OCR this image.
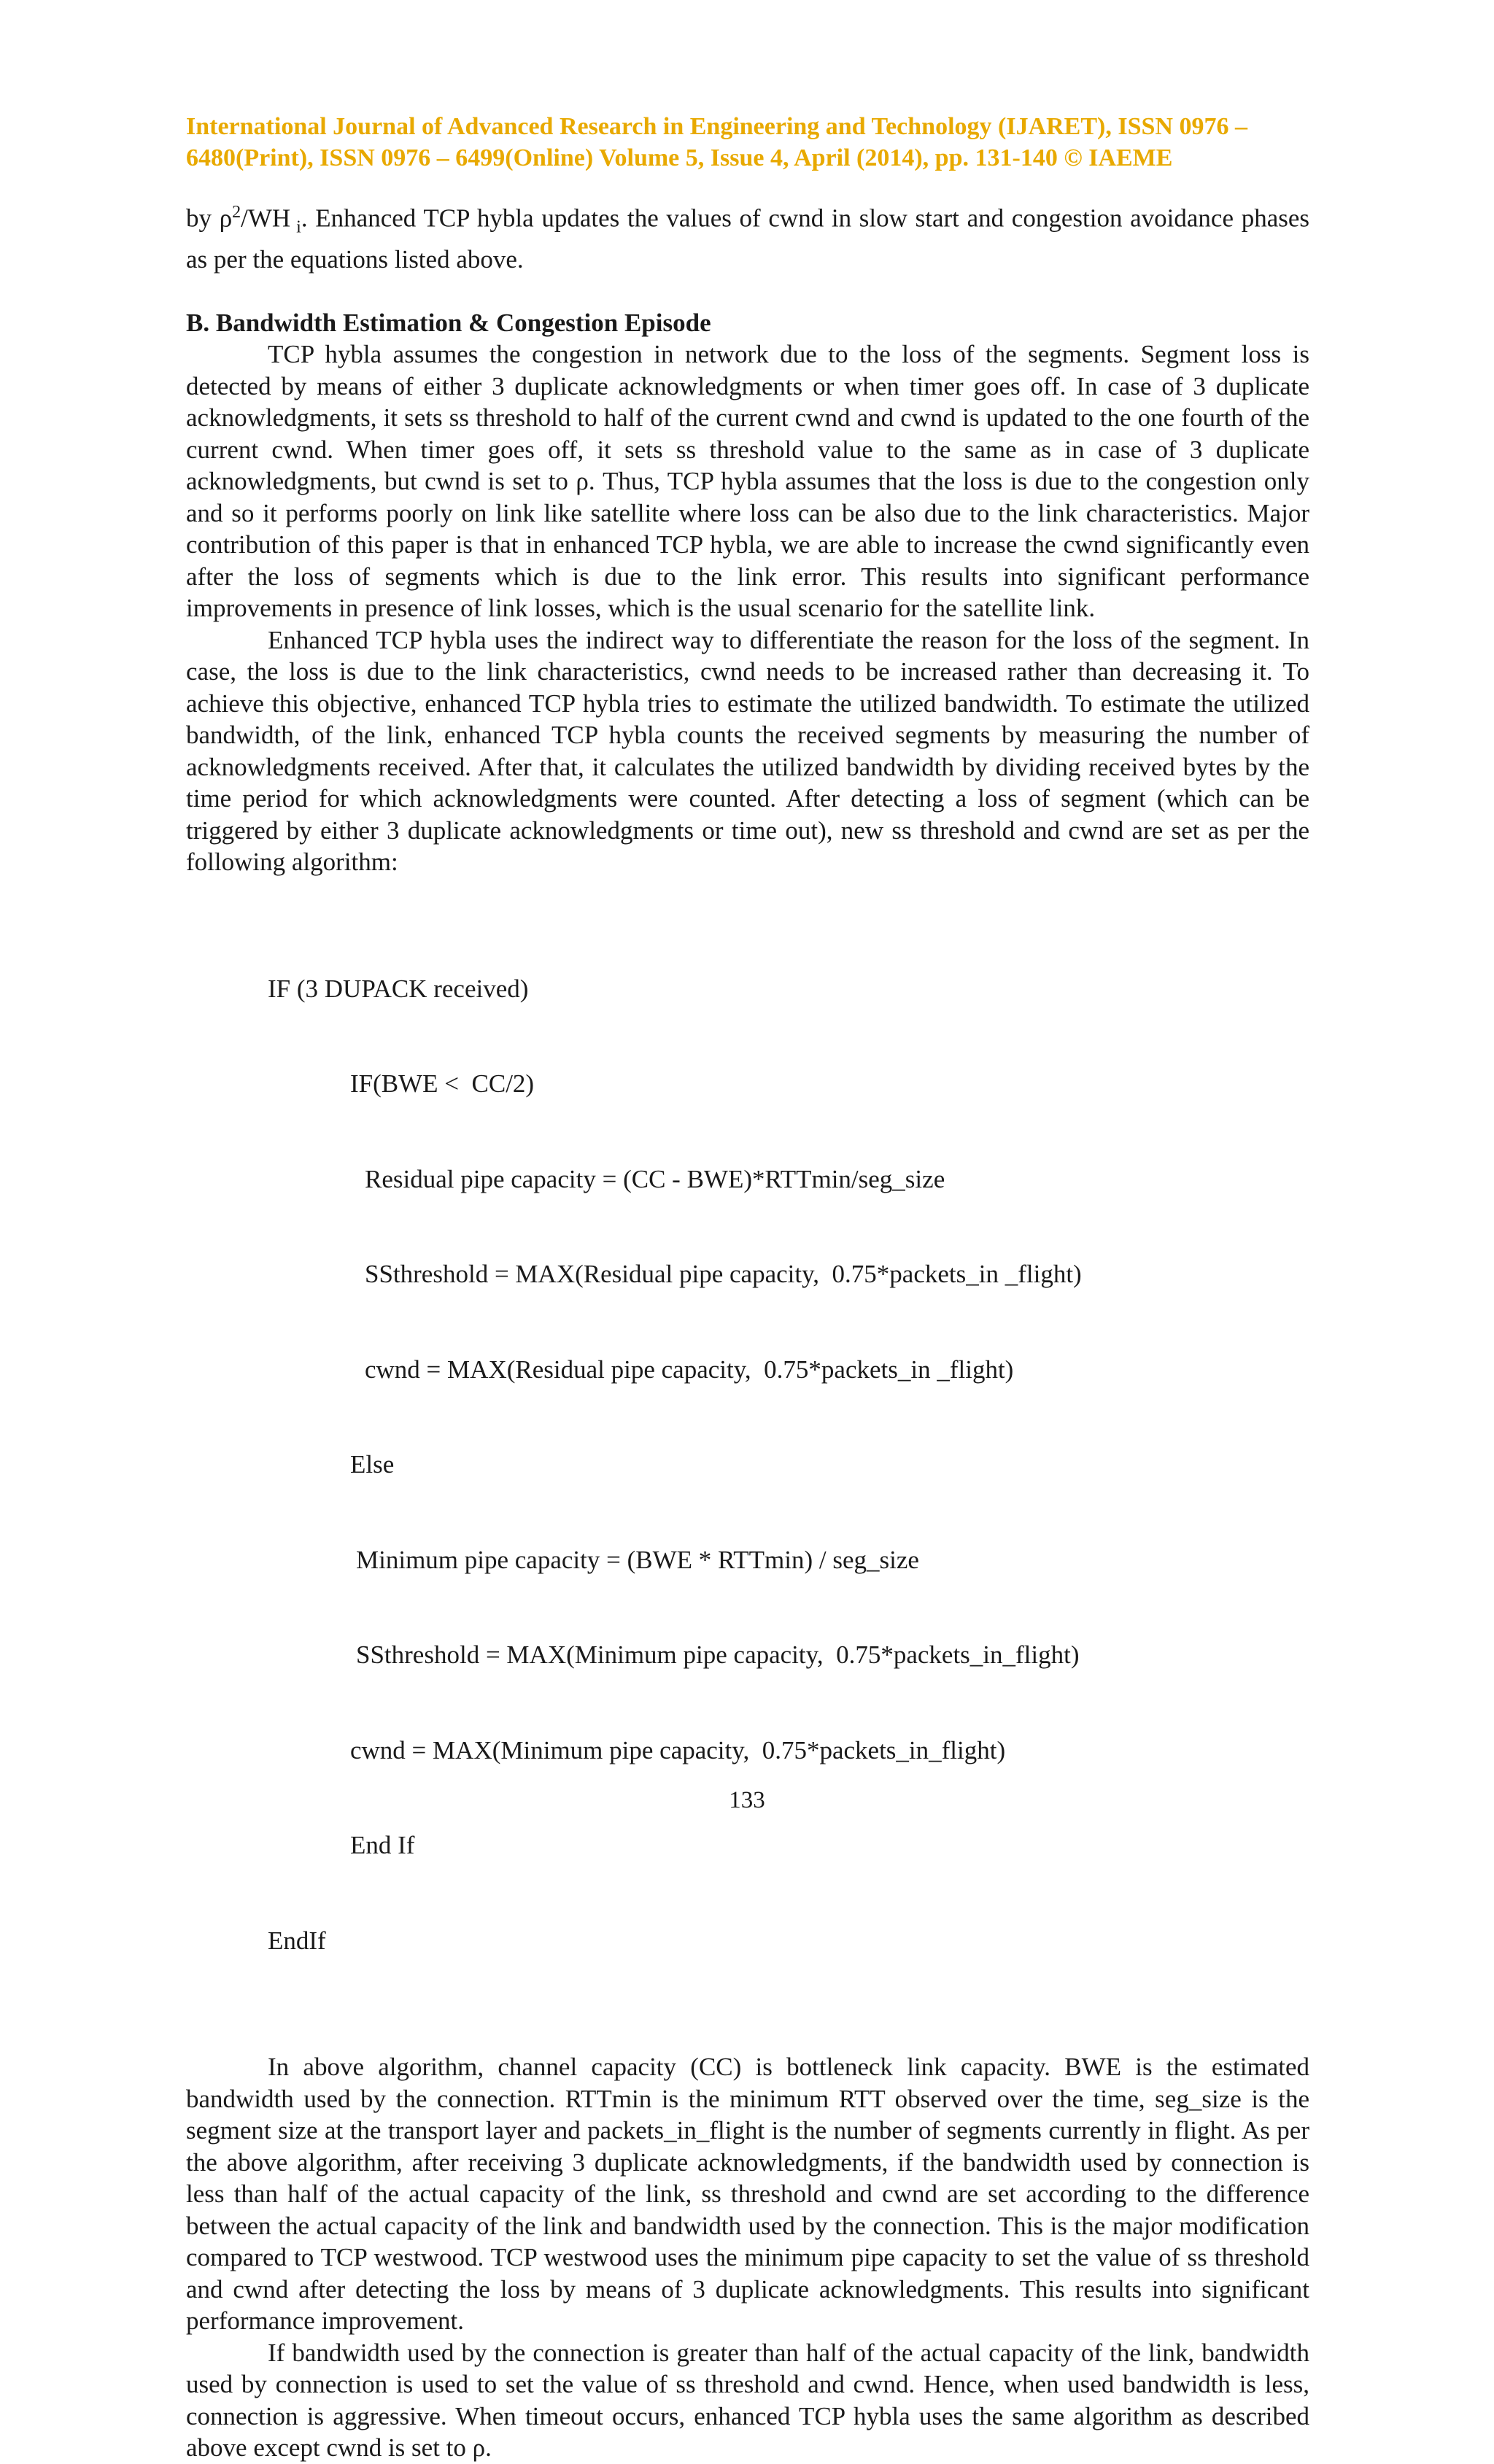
International Journal of Advanced Research in Engineering and Technology (IJARET), ISSN 0976 –
6480(Print), ISSN 0976 – 6499(Online) Volume 5, Issue 4, April (2014), pp. 131-140 © IAEME

by $\rho^2/WH$ $_i$. Enhanced TCP hybla updates the values of cwnd in slow start and congestion avoidance phases as per the equations listed above.

B. Bandwidth Estimation & Congestion Episode

TCP hybla assumes the congestion in network due to the loss of the segments. Segment loss is detected by means of either 3 duplicate acknowledgments or when timer goes off. In case of 3 duplicate acknowledgments, it sets ss threshold to half of the current cwnd and cwnd is updated to the one fourth of the current cwnd. When timer goes off, it sets ss threshold value to the same as in case of 3 duplicate acknowledgments, but cwnd is set to ρ. Thus, TCP hybla assumes that the loss is due to the congestion only and so it performs poorly on link like satellite where loss can be also due to the link characteristics. Major contribution of this paper is that in enhanced TCP hybla, we are able to increase the cwnd significantly even after the loss of segments which is due to the link error. This results into significant performance improvements in presence of link losses, which is the usual scenario for the satellite link.

Enhanced TCP hybla uses the indirect way to differentiate the reason for the loss of the segment. In case, the loss is due to the link characteristics, cwnd needs to be increased rather than decreasing it. To achieve this objective, enhanced TCP hybla tries to estimate the utilized bandwidth. To estimate the utilized bandwidth, of the link, enhanced TCP hybla counts the received segments by measuring the number of acknowledgments received. After that, it calculates the utilized bandwidth by dividing received bytes by the time period for which acknowledgments were counted. After detecting a loss of segment (which can be triggered by either 3 duplicate acknowledgments or time out), new ss threshold and cwnd are set as per the following algorithm:

IF (3 DUPACK received)

IF(BWE <  CC/2)

Residual pipe capacity = (CC - BWE)*RTTmin/seg_size

SSthreshold = MAX(Residual pipe capacity,  0.75*packets_in _flight)

cwnd = MAX(Residual pipe capacity,  0.75*packets_in _flight)

Else

Minimum pipe capacity = (BWE * RTTmin) / seg_size

SSthreshold = MAX(Minimum pipe capacity,  0.75*packets_in_flight)

cwnd = MAX(Minimum pipe capacity,  0.75*packets_in_flight)

End If

EndIf

In above algorithm, channel capacity (CC) is bottleneck link capacity. BWE is the estimated bandwidth used by the connection. RTTmin is the minimum RTT observed over the time, seg_size is the segment size at the transport layer and packets_in_flight is the number of segments currently in flight. As per the above algorithm, after receiving 3 duplicate acknowledgments, if the bandwidth used by connection is less than half of the actual capacity of the link, ss threshold and cwnd are set according to the difference between the actual capacity of the link and bandwidth used by the connection. This is the major modification compared to TCP westwood. TCP westwood uses the minimum pipe capacity to set the value of ss threshold and cwnd after detecting the loss by means of 3 duplicate acknowledgments. This results into significant performance improvement.

If bandwidth used by the connection is greater than half of the actual capacity of the link, bandwidth used by connection is used to set the value of ss threshold and cwnd. Hence, when used bandwidth is less, connection is aggressive. When timeout occurs, enhanced TCP hybla uses the same algorithm as described above except cwnd is set to ρ.

133
